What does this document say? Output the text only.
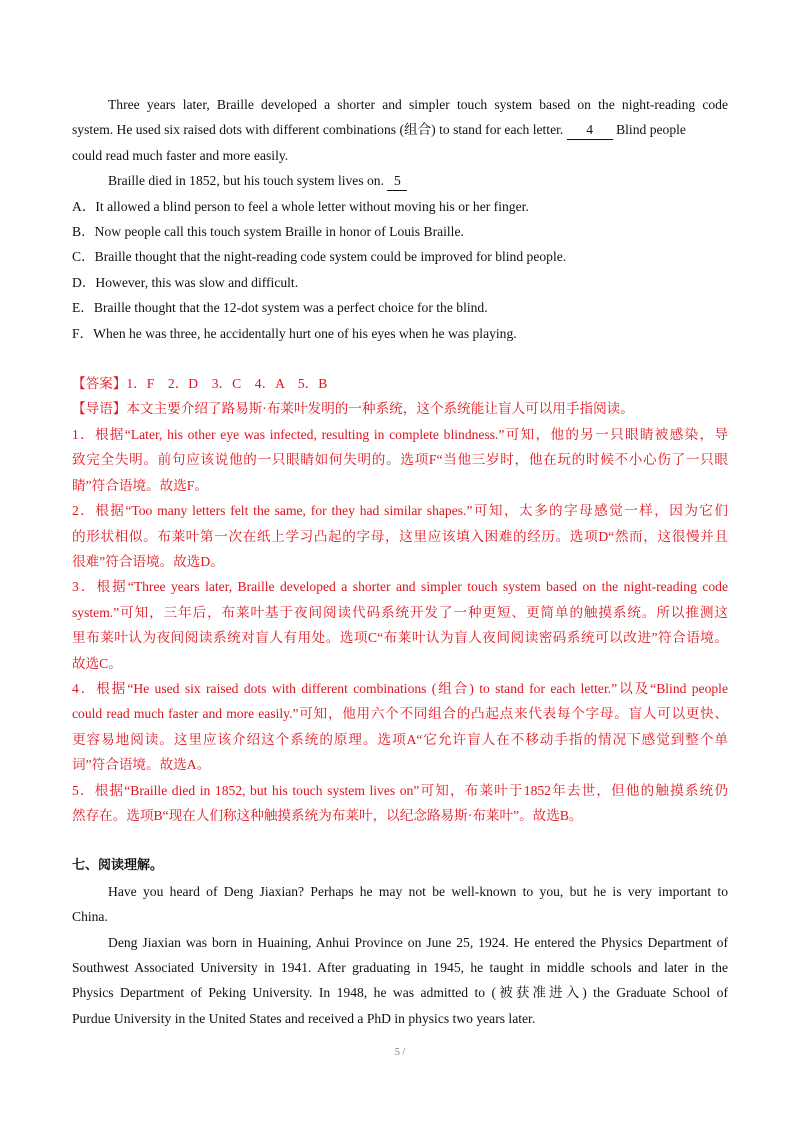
Three years later, Braille developed a shorter and simpler touch system based on the night-reading code
system. He used six raised dots with different combinations (组合) to stand for each letter. 4 Blind people
could read much faster and more easily.
Braille died in 1852, but his touch system lives on. 5
A．It allowed a blind person to feel a whole letter without moving his or her finger.
B．Now people call this touch system Braille in honor of Louis Braille.
C．Braille thought that the night-reading code system could be improved for blind people.
D．However, this was slow and difficult.
E．Braille thought that the 12-dot system was a perfect choice for the blind.
F．When he was three, he accidentally hurt one of his eyes when he was playing.
【答案】1．F　2．D　3．C　4．A　5．B
【导语】本文主要介绍了路易斯·布莱叶发明的一种系统，这个系统能让盲人可以用手指阅读。
1．根据“Later, his other eye was infected, resulting in complete blindness.”可知，他的另一只眼睛被感染，导
致完全失明。前句应该说他的一只眼睛如何失明的。选项F“当他三岁时，他在玩的时候不小心伤了一只眼
睛”符合语境。故选F。
2．根据“Too many letters felt the same, for they had similar shapes.”可知，太多的字母感觉一样，因为它们
的形状相似。布莱叶第一次在纸上学习凸起的字母，这里应该填入困难的经历。选项D“然而，这很慢并且
很难”符合语境。故选D。
3．根据“Three years later, Braille developed a shorter and simpler touch system based on the night-reading code
system.”可知，三年后，布莱叶基于夜间阅读代码系统开发了一种更短、更简单的触摸系统。所以推测这
里布莱叶认为夜间阅读系统对盲人有用处。选项C“布莱叶认为盲人夜间阅读密码系统可以改进”符合语境。
故选C。
4．根据“He used six raised dots with different combinations (组合) to stand for each letter.”以及“Blind people
could read much faster and more easily.”可知，他用六个不同组合的凸起点来代表每个字母。盲人可以更快、
更容易地阅读。这里应该介绍这个系统的原理。选项A“它允许盲人在不移动手指的情况下感觉到整个单
词”符合语境。故选A。
5．根据“Braille died in 1852, but his touch system lives on”可知，布莱叶于1852年去世，但他的触摸系统仍
然存在。选项B“现在人们称这种触摸系统为布莱叶，以纪念路易斯·布莱叶”。故选B。
七、阅读理解。
Have you heard of Deng Jiaxian? Perhaps he may not be well-known to you, but he is very important to
China.
Deng Jiaxian was born in Huaining, Anhui Province on June 25, 1924. He entered the Physics Department of
Southwest Associated University in 1941. After graduating in 1945, he taught in middle schools and later in the
Physics Department of Peking University. In 1948, he was admitted to (被获准进入) the Graduate School of
Purdue University in the United States and received a PhD in physics two years later.
5 /
